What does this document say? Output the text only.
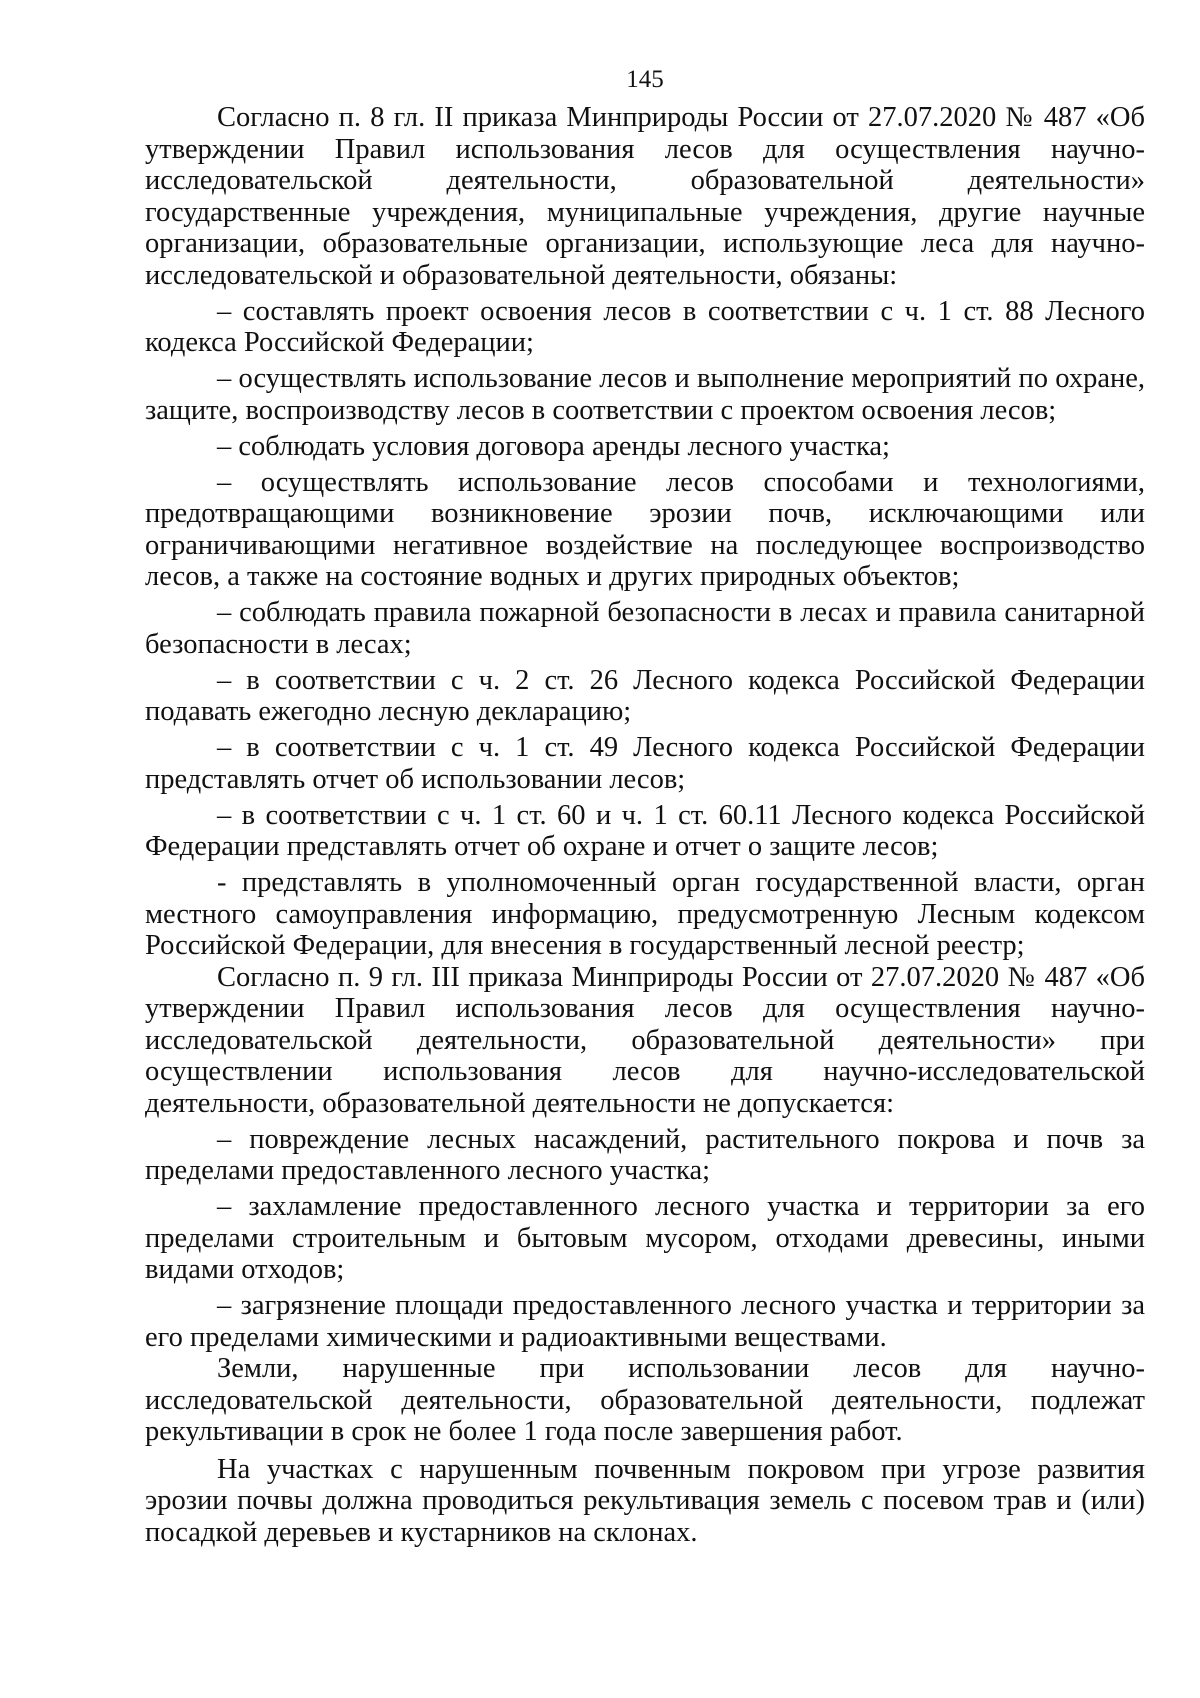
145

Согласно п. 8 гл. II приказа Минприроды России от 27.07.2020 № 487 «Об утверждении Правил использования лесов для осуществления научно-исследовательской деятельности, образовательной деятельности» государственные учреждения, муниципальные учреждения, другие научные организации, образовательные организации, использующие леса для научно-исследовательской и образовательной деятельности, обязаны:

– составлять проект освоения лесов в соответствии с ч. 1 ст. 88 Лесного кодекса Российской Федерации;

– осуществлять использование лесов и выполнение мероприятий по охране, защите, воспроизводству лесов в соответствии с проектом освоения лесов;

– соблюдать условия договора аренды лесного участка;

– осуществлять использование лесов способами и технологиями, предотвращающими возникновение эрозии почв, исключающими или ограничивающими негативное воздействие на последующее воспроизводство лесов, а также на состояние водных и других природных объектов;

– соблюдать правила пожарной безопасности в лесах и правила санитарной безопасности в лесах;

– в соответствии с ч. 2 ст. 26 Лесного кодекса Российской Федерации подавать ежегодно лесную декларацию;

– в соответствии с ч. 1 ст. 49 Лесного кодекса Российской Федерации представлять отчет об использовании лесов;

– в соответствии с ч. 1 ст. 60 и ч. 1 ст. 60.11 Лесного кодекса Российской Федерации представлять отчет об охране и отчет о защите лесов;

- представлять в уполномоченный орган государственной власти, орган местного самоуправления информацию, предусмотренную Лесным кодексом Российской Федерации, для внесения в государственный лесной реестр;

Согласно п. 9 гл. III приказа Минприроды России от 27.07.2020 № 487 «Об утверждении Правил использования лесов для осуществления научно-исследовательской деятельности, образовательной деятельности» при осуществлении использования лесов для научно-исследовательской деятельности, образовательной деятельности не допускается:

– повреждение лесных насаждений, растительного покрова и почв за пределами предоставленного лесного участка;

– захламление предоставленного лесного участка и территории за его пределами строительным и бытовым мусором, отходами древесины, иными видами отходов;

– загрязнение площади предоставленного лесного участка и территории за его пределами химическими и радиоактивными веществами.

Земли, нарушенные при использовании лесов для научно-исследовательской деятельности, образовательной деятельности, подлежат рекультивации в срок не более 1 года после завершения работ.

На участках с нарушенным почвенным покровом при угрозе развития эрозии почвы должна проводиться рекультивация земель с посевом трав и (или) посадкой деревьев и кустарников на склонах.
